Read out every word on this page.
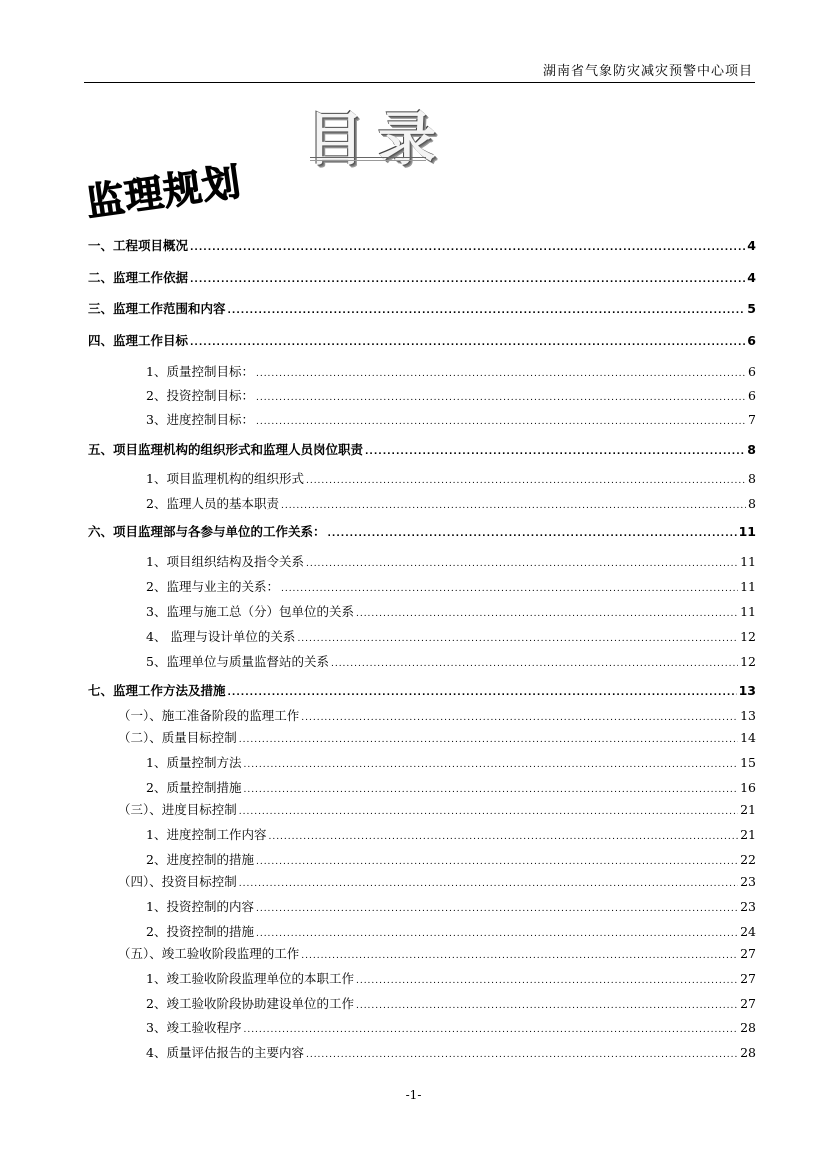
湖南省气象防灾减灾预警中心项目
目录
监理规划
一、工程项目概况 .....	4
二、监理工作依据 .....	4
三、监理工作范围和内容 .....	5
四、监理工作目标 .....	6
1、质量控制目标： .....	6
2、投资控制目标： .....	6
3、进度控制目标： .....	7
五、项目监理机构的组织形式和监理人员岗位职责 .....	8
1、项目监理机构的组织形式 .....	8
2、监理人员的基本职责 .....	8
六、项目监理部与各参与单位的工作关系： .....	11
1、项目组织结构及指令关系 .....	11
2、监理与业主的关系： .....	11
3、监理与施工总（分）包单位的关系 .....	11
4、 监理与设计单位的关系 .....	12
5、监理单位与质量监督站的关系 .....	12
七、监理工作方法及措施 .....	13
（一）、施工准备阶段的监理工作 .....	13
（二）、质量目标控制 .....	14
1、质量控制方法 .....	15
2、质量控制措施 .....	16
（三）、进度目标控制 .....	21
1、进度控制工作内容 .....	21
2、进度控制的措施 .....	22
（四）、投资目标控制 .....	23
1、投资控制的内容 .....	23
2、投资控制的措施 .....	24
（五）、竣工验收阶段监理的工作 .....	27
1、竣工验收阶段监理单位的本职工作 .....	27
2、竣工验收阶段协助建设单位的工作 .....	27
3、竣工验收程序 .....	28
4、质量评估报告的主要内容 .....	28
-1-
